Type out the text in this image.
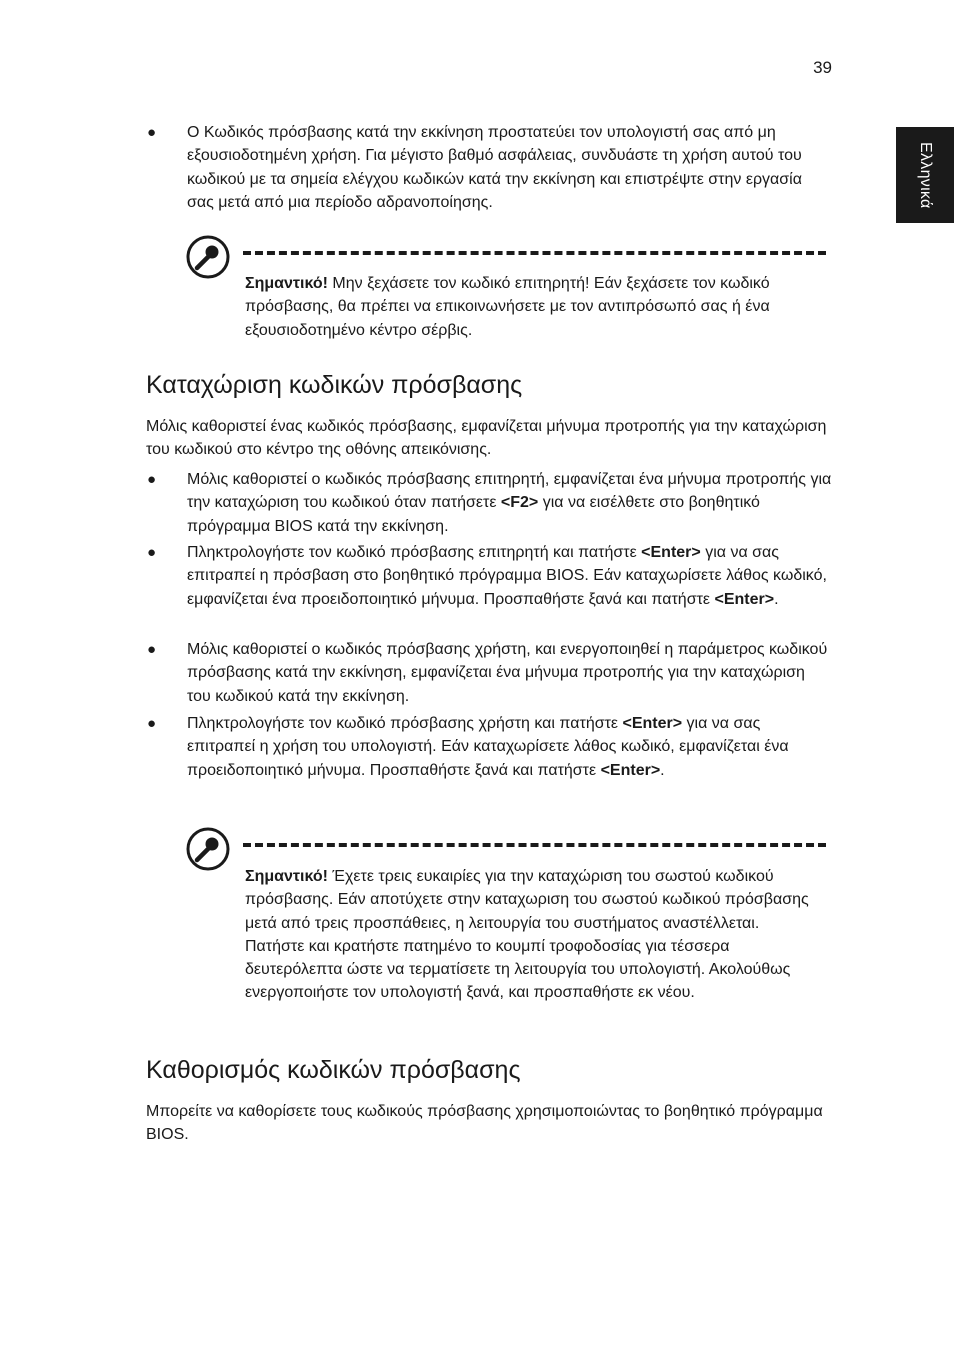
39
Ελληνικά
● Ο Κωδικός πρόσβασης κατά την εκκίνηση προστατεύει τον υπολογιστή σας από μη εξουσιοδοτημένη χρήση. Για μέγιστο βαθμό ασφάλειας, συνδυάστε τη χρήση αυτού του κωδικού με τα σημεία ελέγχου κωδικών κατά την εκκίνηση και επιστρέψτε στην εργασία σας μετά από μια περίοδο αδρανοποίησης.
Σημαντικό! Μην ξεχάσετε τον κωδικό επιτηρητή! Εάν ξεχάσετε τον κωδικό πρόσβασης, θα πρέπει να επικοινωνήσετε με τον αντιπρόσωπό σας ή ένα εξουσιοδοτημένο κέντρο σέρβις.
Καταχώριση κωδικών πρόσβασης
Μόλις καθοριστεί ένας κωδικός πρόσβασης, εμφανίζεται μήνυμα προτροπής για την καταχώριση του κωδικού στο κέντρο της οθόνης απεικόνισης.
● Μόλις καθοριστεί ο κωδικός πρόσβασης επιτηρητή, εμφανίζεται ένα μήνυμα προτροπής για την καταχώριση του κωδικού όταν πατήσετε <F2> για να εισέλθετε στο βοηθητικό πρόγραμμα BIOS κατά την εκκίνηση.
● Πληκτρολογήστε τον κωδικό πρόσβασης επιτηρητή και πατήστε <Enter> για να σας επιτραπεί η πρόσβαση στο βοηθητικό πρόγραμμα BIOS. Εάν καταχωρίσετε λάθος κωδικό, εμφανίζεται ένα προειδοποιητικό μήνυμα. Προσπαθήστε ξανά και πατήστε <Enter>.
● Μόλις καθοριστεί ο κωδικός πρόσβασης χρήστη, και ενεργοποιηθεί η παράμετρος κωδικού πρόσβασης κατά την εκκίνηση, εμφανίζεται ένα μήνυμα προτροπής για την καταχώριση του κωδικού κατά την εκκίνηση.
● Πληκτρολογήστε τον κωδικό πρόσβασης χρήστη και πατήστε <Enter> για να σας επιτραπεί η χρήση του υπολογιστή. Εάν καταχωρίσετε λάθος κωδικό, εμφανίζεται ένα προειδοποιητικό μήνυμα. Προσπαθήστε ξανά και πατήστε <Enter>.
Σημαντικό! Έχετε τρεις ευκαιρίες για την καταχώριση του σωστού κωδικού πρόσβασης. Εάν αποτύχετε στην καταχωριση του σωστού κωδικού πρόσβασης μετά από τρεις προσπάθειες, η λειτουργία του συστήματος αναστέλλεται. Πατήστε και κρατήστε πατημένο το κουμπί τροφοδοσίας για τέσσερα δευτερόλεπτα ώστε να τερματίσετε τη λειτουργία του υπολογιστή. Ακολούθως ενεργοποιήστε τον υπολογιστή ξανά, και προσπαθήστε εκ νέου.
Καθορισμός κωδικών πρόσβασης
Μπορείτε να καθορίσετε τους κωδικούς πρόσβασης χρησιμοποιώντας το βοηθητικό πρόγραμμα BIOS.
